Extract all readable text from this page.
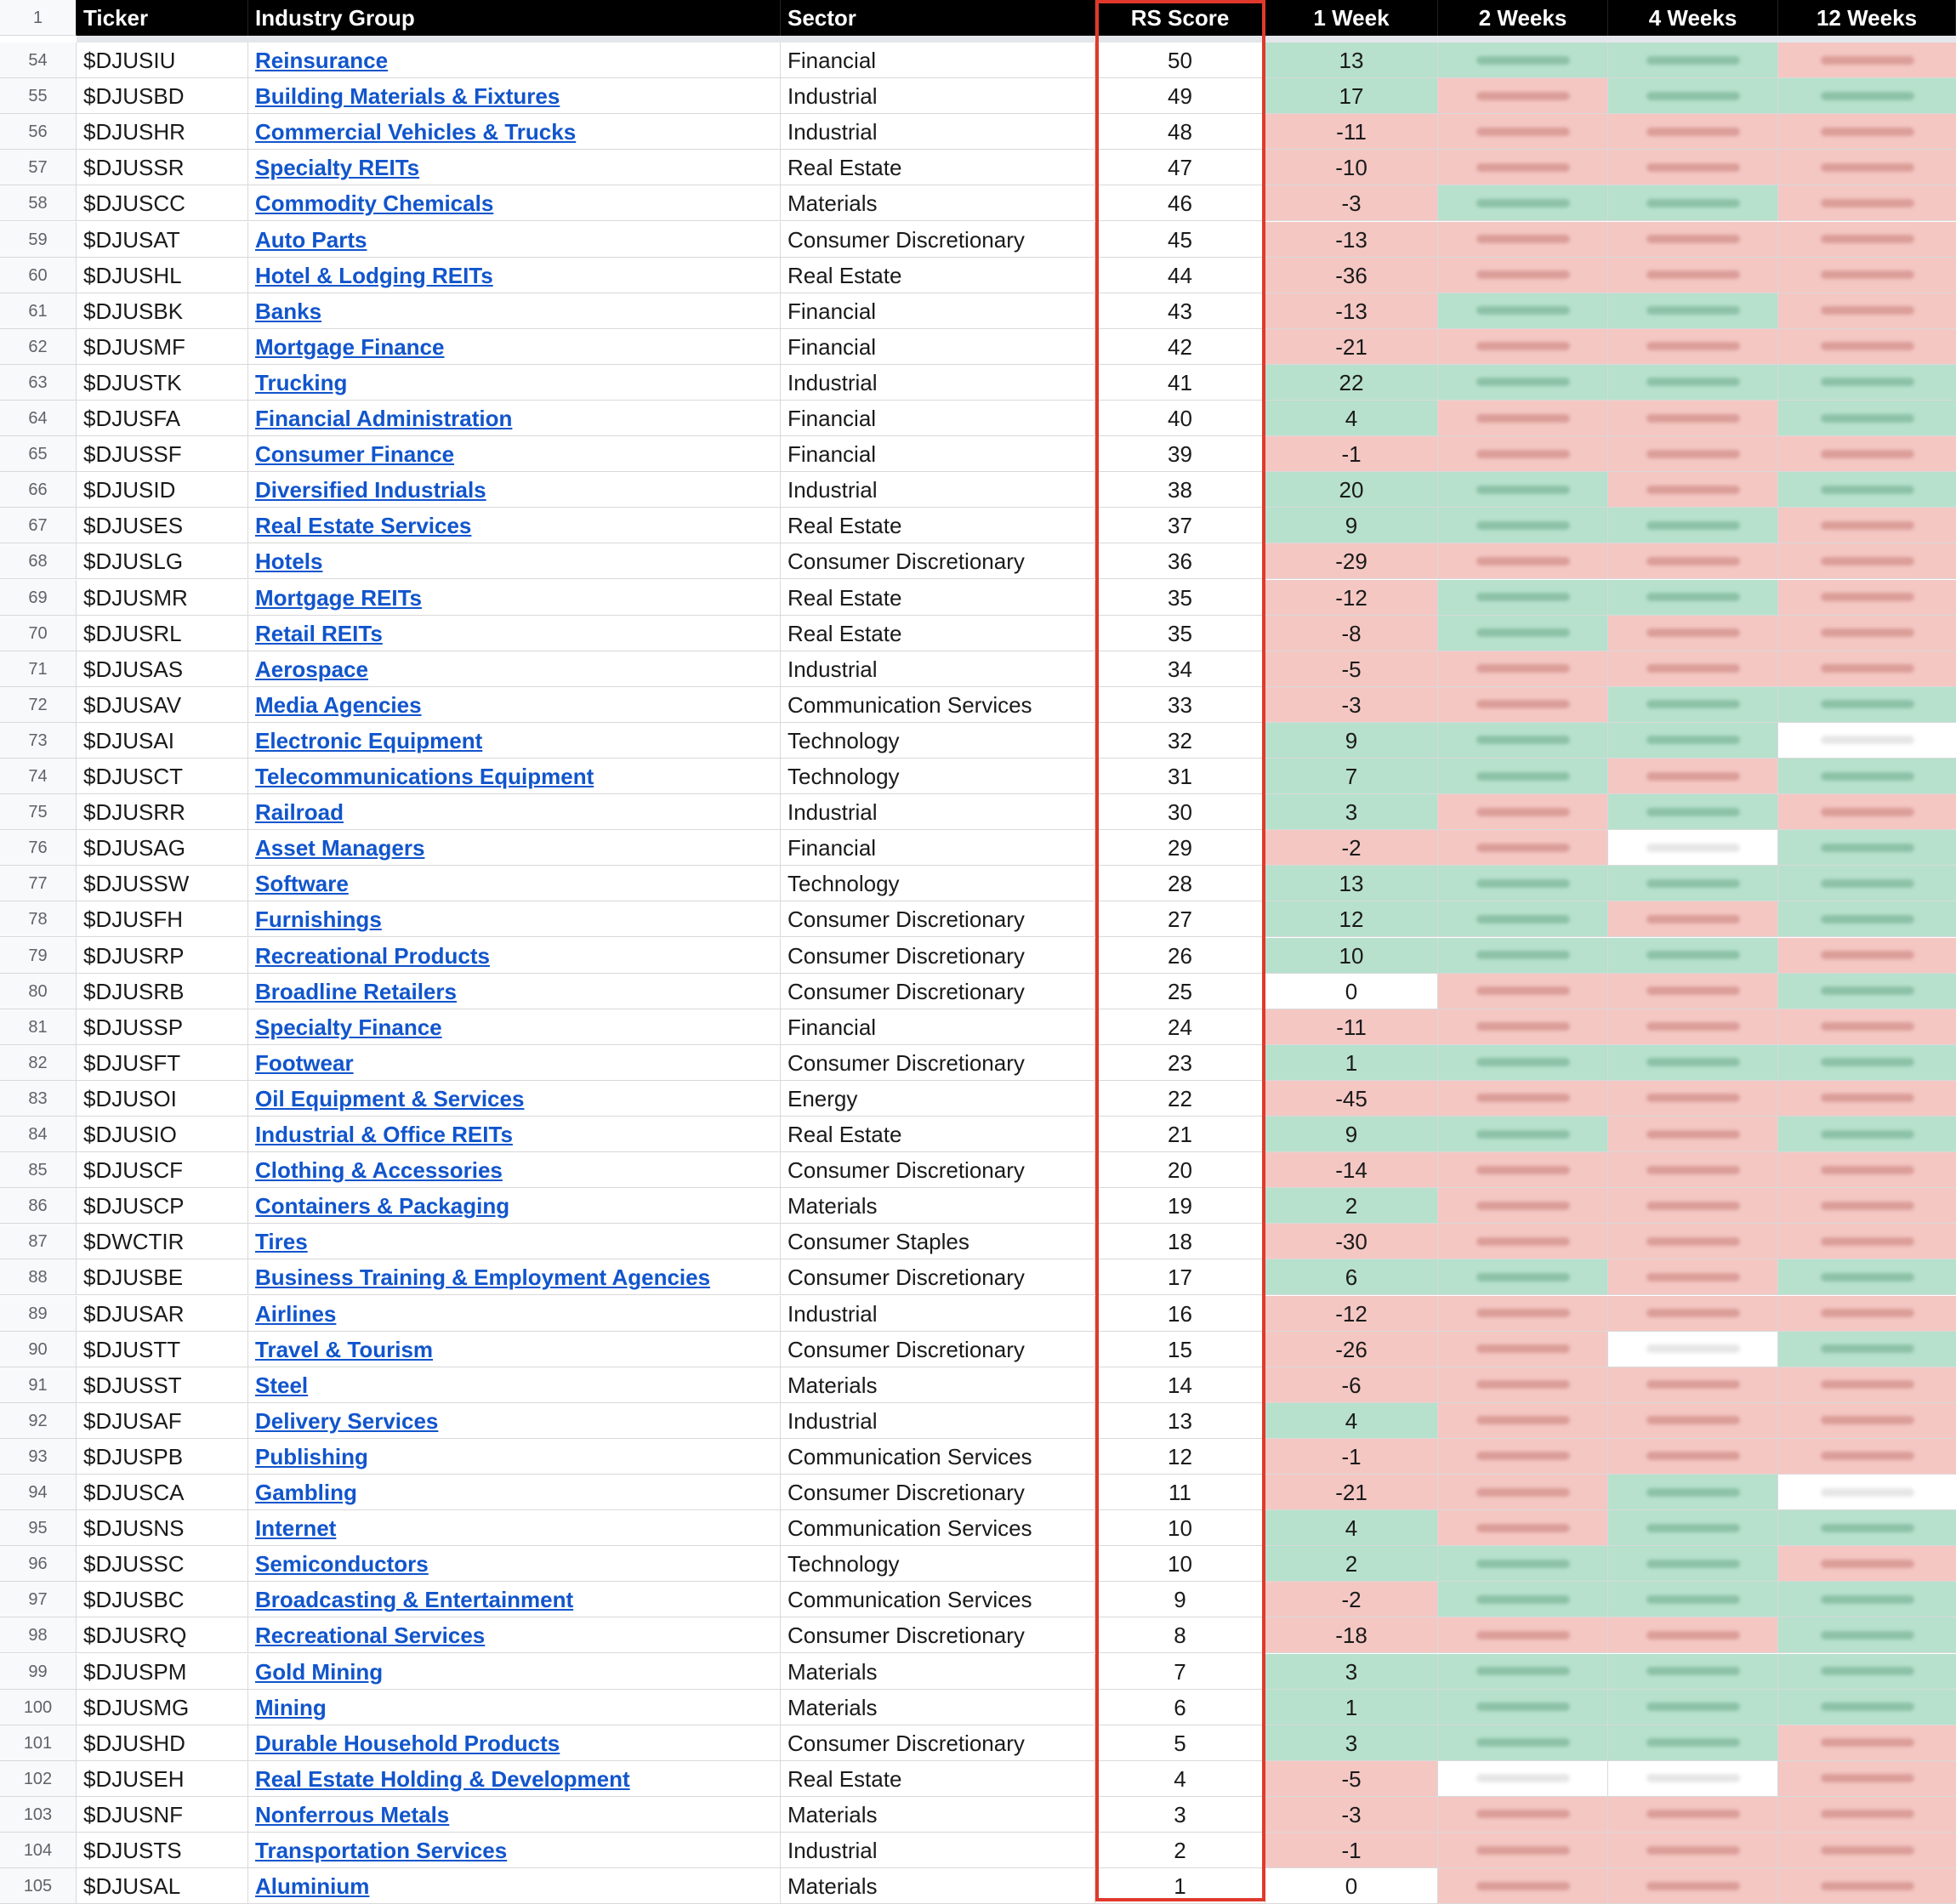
1	Ticker	Industry Group	Sector	RS Score	1 Week	2 Weeks	4 Weeks	12 Weeks
54	$DJUSIU	Reinsurance	Financial	50	13
55	$DJUSBD	Building Materials & Fixtures	Industrial	49	17
56	$DJUSHR	Commercial Vehicles & Trucks	Industrial	48	-11
57	$DJUSSR	Specialty REITs	Real Estate	47	-10
58	$DJUSCC	Commodity Chemicals	Materials	46	-3
59	$DJUSAT	Auto Parts	Consumer Discretionary	45	-13
60	$DJUSHL	Hotel & Lodging REITs	Real Estate	44	-36
61	$DJUSBK	Banks	Financial	43	-13
62	$DJUSMF	Mortgage Finance	Financial	42	-21
63	$DJUSTK	Trucking	Industrial	41	22
64	$DJUSFA	Financial Administration	Financial	40	4
65	$DJUSSF	Consumer Finance	Financial	39	-1
66	$DJUSID	Diversified Industrials	Industrial	38	20
67	$DJUSES	Real Estate Services	Real Estate	37	9
68	$DJUSLG	Hotels	Consumer Discretionary	36	-29
69	$DJUSMR	Mortgage REITs	Real Estate	35	-12
70	$DJUSRL	Retail REITs	Real Estate	35	-8
71	$DJUSAS	Aerospace	Industrial	34	-5
72	$DJUSAV	Media Agencies	Communication Services	33	-3
73	$DJUSAI	Electronic Equipment	Technology	32	9
74	$DJUSCT	Telecommunications Equipment	Technology	31	7
75	$DJUSRR	Railroad	Industrial	30	3
76	$DJUSAG	Asset Managers	Financial	29	-2
77	$DJUSSW	Software	Technology	28	13
78	$DJUSFH	Furnishings	Consumer Discretionary	27	12
79	$DJUSRP	Recreational Products	Consumer Discretionary	26	10
80	$DJUSRB	Broadline Retailers	Consumer Discretionary	25	0
81	$DJUSSP	Specialty Finance	Financial	24	-11
82	$DJUSFT	Footwear	Consumer Discretionary	23	1
83	$DJUSOI	Oil Equipment & Services	Energy	22	-45
84	$DJUSIO	Industrial & Office REITs	Real Estate	21	9
85	$DJUSCF	Clothing & Accessories	Consumer Discretionary	20	-14
86	$DJUSCP	Containers & Packaging	Materials	19	2
87	$DWCTIR	Tires	Consumer Staples	18	-30
88	$DJUSBE	Business Training & Employment Agencies	Consumer Discretionary	17	6
89	$DJUSAR	Airlines	Industrial	16	-12
90	$DJUSTT	Travel & Tourism	Consumer Discretionary	15	-26
91	$DJUSST	Steel	Materials	14	-6
92	$DJUSAF	Delivery Services	Industrial	13	4
93	$DJUSPB	Publishing	Communication Services	12	-1
94	$DJUSCA	Gambling	Consumer Discretionary	11	-21
95	$DJUSNS	Internet	Communication Services	10	4
96	$DJUSSC	Semiconductors	Technology	10	2
97	$DJUSBC	Broadcasting & Entertainment	Communication Services	9	-2
98	$DJUSRQ	Recreational Services	Consumer Discretionary	8	-18
99	$DJUSPM	Gold Mining	Materials	7	3
100	$DJUSMG	Mining	Materials	6	1
101	$DJUSHD	Durable Household Products	Consumer Discretionary	5	3
102	$DJUSEH	Real Estate Holding & Development	Real Estate	4	-5
103	$DJUSNF	Nonferrous Metals	Materials	3	-3
104	$DJUSTS	Transportation Services	Industrial	2	-1
105	$DJUSAL	Aluminium	Materials	1	0
